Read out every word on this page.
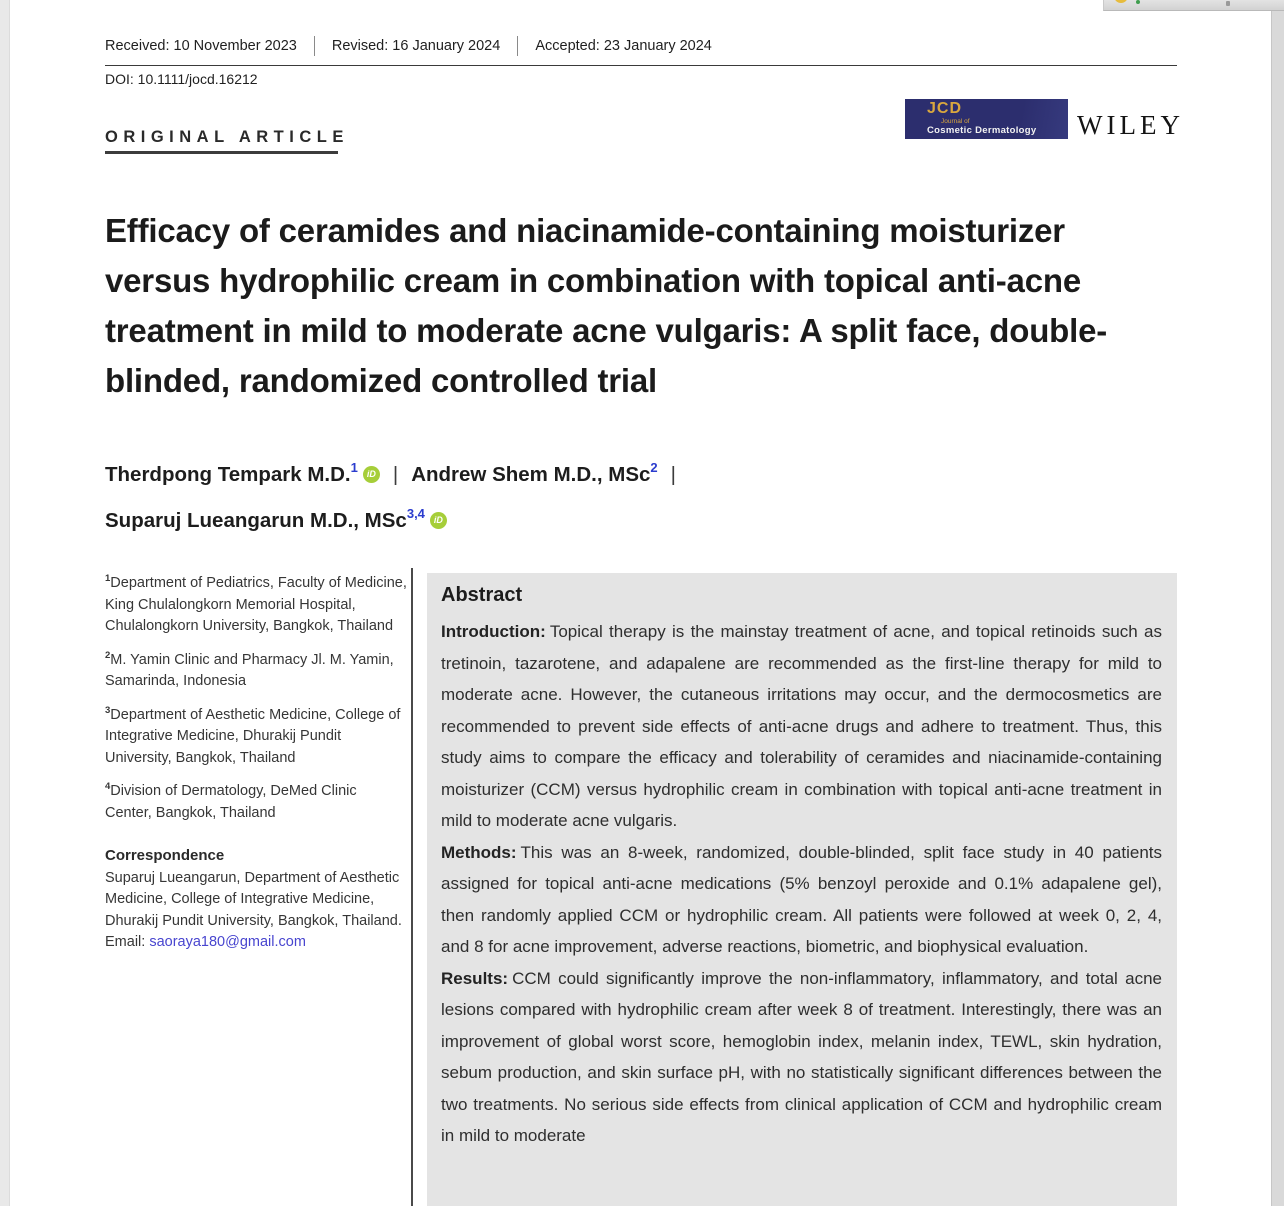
Received: 10 November 2023	Revised: 16 January 2024	Accepted: 23 January 2024
DOI: 10.1111/jocd.16212
ORIGINAL ARTICLE
JCD
Journal of
Cosmetic Dermatology	WILEY
Efficacy of ceramides and niacinamide-containing moisturizer versus hydrophilic cream in combination with topical anti-acne treatment in mild to moderate acne vulgaris: A split face, double-blinded, randomized controlled trial
Therdpong Tempark M.D.$^1$ iD | Andrew Shem M.D., MSc$^2$ |
Suparuj Lueangarun M.D., MSc$^{3,4}$ iD
$^1$Department of Pediatrics, Faculty of Medicine, King Chulalongkorn Memorial Hospital, Chulalongkorn University, Bangkok, Thailand
$^2$M. Yamin Clinic and Pharmacy Jl. M. Yamin, Samarinda, Indonesia
$^3$Department of Aesthetic Medicine, College of Integrative Medicine, Dhurakij Pundit University, Bangkok, Thailand
$^4$Division of Dermatology, DeMed Clinic Center, Bangkok, Thailand
Correspondence
Suparuj Lueangarun, Department of Aesthetic Medicine, College of Integrative Medicine, Dhurakij Pundit University, Bangkok, Thailand.
Email: saoraya180@gmail.com
Abstract

Introduction: Topical therapy is the mainstay treatment of acne, and topical retinoids such as tretinoin, tazarotene, and adapalene are recommended as the first-line therapy for mild to moderate acne. However, the cutaneous irritations may occur, and the dermocosmetics are recommended to prevent side effects of anti-acne drugs and adhere to treatment. Thus, this study aims to compare the efficacy and tolerability of ceramides and niacinamide-containing moisturizer (CCM) versus hydrophilic cream in combination with topical anti-acne treatment in mild to moderate acne vulgaris.

Methods: This was an 8-week, randomized, double-blinded, split face study in 40 patients assigned for topical anti-acne medications (5% benzoyl peroxide and 0.1% adapalene gel), then randomly applied CCM or hydrophilic cream. All patients were followed at week 0, 2, 4, and 8 for acne improvement, adverse reactions, biometric, and biophysical evaluation.

Results: CCM could significantly improve the non-inflammatory, inflammatory, and total acne lesions compared with hydrophilic cream after week 8 of treatment. Interestingly, there was an improvement of global worst score, hemoglobin index, melanin index, TEWL, skin hydration, sebum production, and skin surface pH, with no statistically significant differences between the two treatments. No serious side effects from clinical application of CCM and hydrophilic cream in mild to moderate
